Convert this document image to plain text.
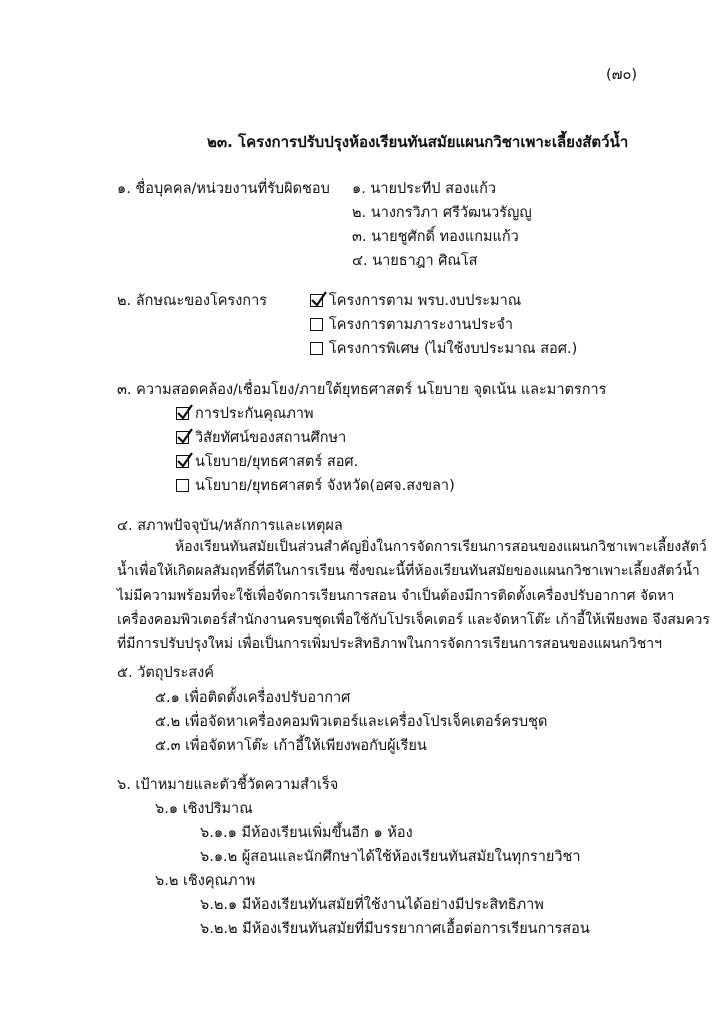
(๗๐)
๒๓. โครงการปรับปรุงห้องเรียนทันสมัยแผนกวิชาเพาะเลี้ยงสัตว์น้ำ
๑. ชื่อบุคคล/หน่วยงานที่รับผิดชอบ ๑. นายประทีป สองแก้ว
๒. นางกรวิภา ศรีวัฒนวรัญญู
๓. นายชูศักดิ์ ทองแกมแก้ว
๔. นายธาฎา ศิณโส
๒. ลักษณะของโครงการ	โครงการตาม พรบ.งบประมาณ
โครงการตามภาระงานประจำ
โครงการพิเศษ (ไม่ใช้งบประมาณ สอศ.)
๓. ความสอดคล้อง/เชื่อมโยง/ภายใต้ยุทธศาสตร์ นโยบาย จุดเน้น และมาตรการ
การประกันคุณภาพ
วิสัยทัศน์ของสถานศึกษา
นโยบาย/ยุทธศาสตร์ สอศ.
นโยบาย/ยุทธศาสตร์ จังหวัด(อศจ.สงขลา)
๔. สภาพปัจจุบัน/หลักการและเหตุผล

ห้องเรียนทันสมัยเป็นส่วนสำคัญยิ่งในการจัดการเรียนการสอนของแผนกวิชาเพาะเลี้ยงสัตว์

น้ำเพื่อให้เกิดผลสัมฤทธิ์ที่ดีในการเรียน ซึ่งขณะนี้ที่ห้องเรียนทันสมัยของแผนกวิชาเพาะเลี้ยงสัตว์น้ำ

ไม่มีความพร้อมที่จะใช้เพื่อจัดการเรียนการสอน จำเป็นต้องมีการติดตั้งเครื่องปรับอากาศ จัดหา

เครื่องคอมพิวเตอร์สำนักงานครบชุดเพื่อใช้กับโปรเจ็คเตอร์ และจัดหาโต๊ะ เก้าอี้ให้เพียงพอ จึงสมควร

ที่มีการปรับปรุงใหม่ เพื่อเป็นการเพิ่มประสิทธิภาพในการจัดการเรียนการสอนของแผนกวิชาฯ

๕. วัตถุประสงค์
๕.๑ เพื่อติดตั้งเครื่องปรับอากาศ
๕.๒ เพื่อจัดหาเครื่องคอมพิวเตอร์และเครื่องโปรเจ็คเตอร์ครบชุด
๕.๓ เพื่อจัดหาโต๊ะ เก้าอี้ให้เพียงพอกับผู้เรียน
๖. เป้าหมายและตัวชี้วัดความสำเร็จ
๖.๑ เชิงปริมาณ
๖.๑.๑ มีห้องเรียนเพิ่มขึ้นอีก ๑ ห้อง
๖.๑.๒ ผู้สอนและนักศึกษาได้ใช้ห้องเรียนทันสมัยในทุกรายวิชา
๖.๒ เชิงคุณภาพ
๖.๒.๑ มีห้องเรียนทันสมัยที่ใช้งานได้อย่างมีประสิทธิภาพ
๖.๒.๒ มีห้องเรียนทันสมัยที่มีบรรยากาศเอื้อต่อการเรียนการสอน
